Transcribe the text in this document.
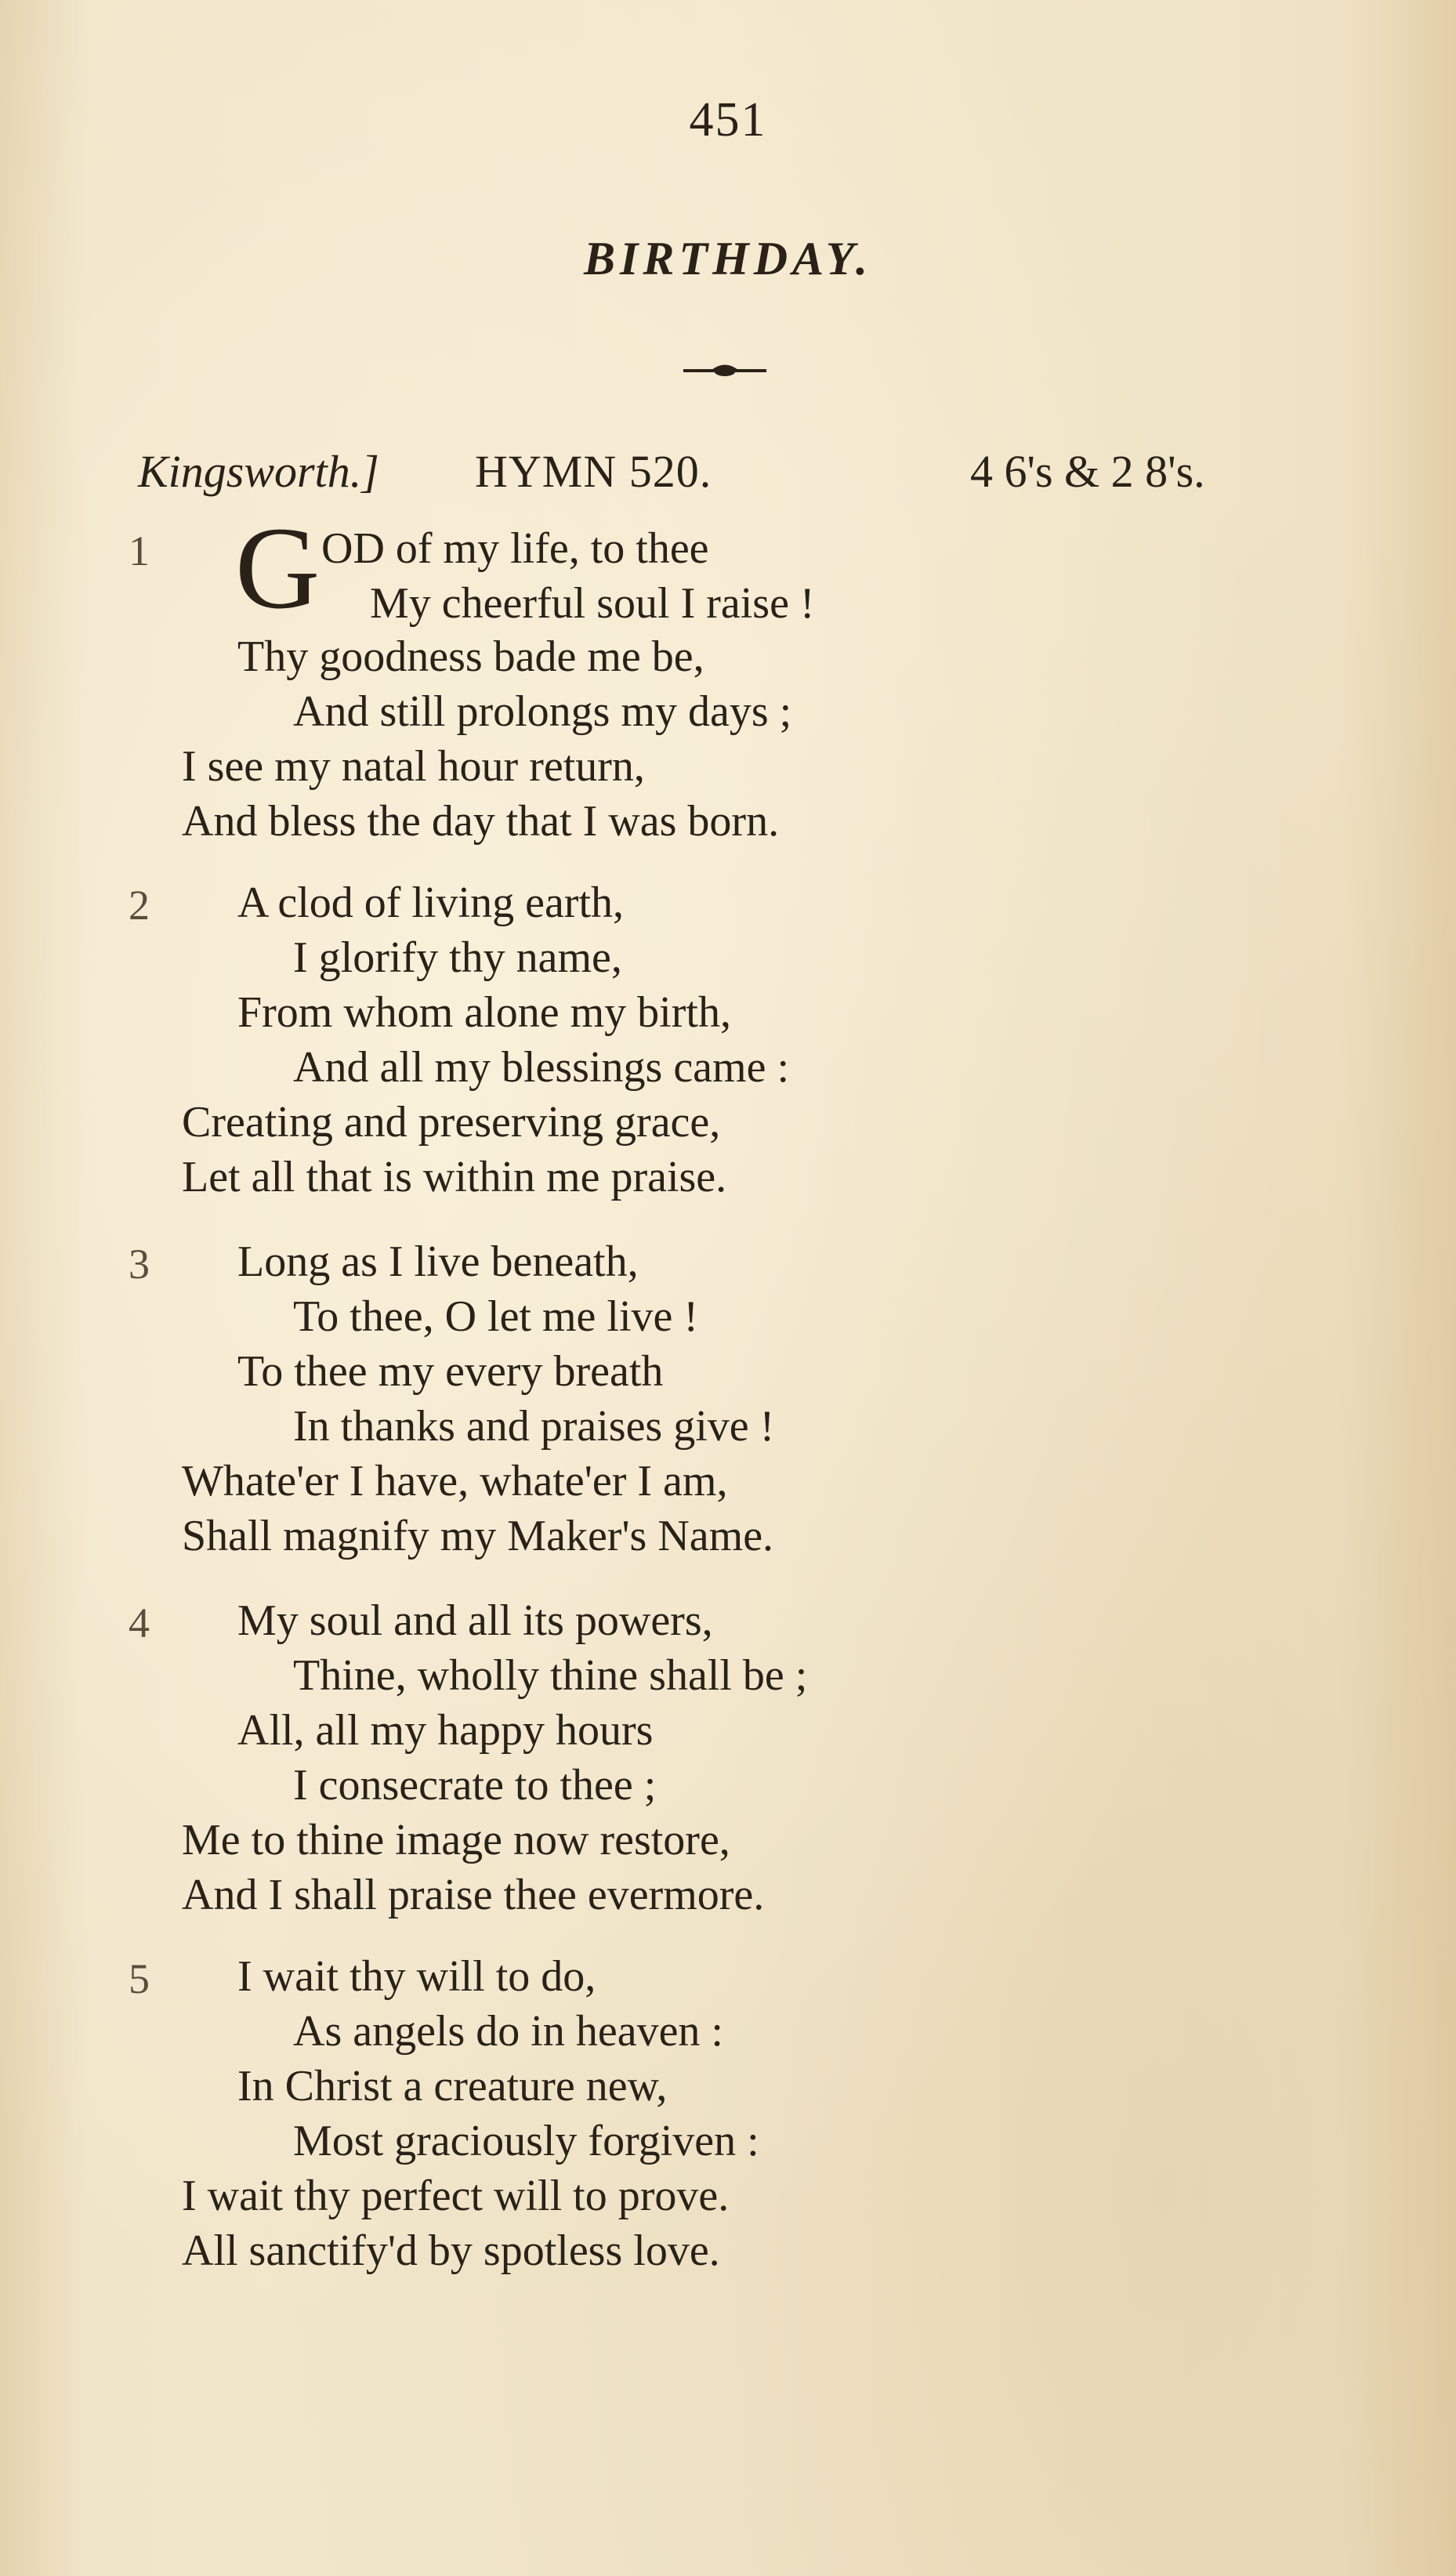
451
BIRTHDAY.
Kingsworth.] HYMN 520.	4 6's & 2 8's.
1 G OD of my life, to thee
My cheerful soul I raise !
Thy goodness bade me be,
And still prolongs my days ;
I see my natal hour return,
And bless the day that I was born.
2 A clod of living earth,
I glorify thy name,
From whom alone my birth,
And all my blessings came :
Creating and preserving grace,
Let all that is within me praise.
3 Long as I live beneath,
To thee, O let me live !
To thee my every breath
In thanks and praises give !
Whate'er I have, whate'er I am,
Shall magnify my Maker's Name.
4 My soul and all its powers,
Thine, wholly thine shall be ;
All, all my happy hours
I consecrate to thee ;
Me to thine image now restore,
And I shall praise thee evermore.
5 I wait thy will to do,
As angels do in heaven :
In Christ a creature new,
Most graciously forgiven :
I wait thy perfect will to prove.
All sanctify'd by spotless love.
